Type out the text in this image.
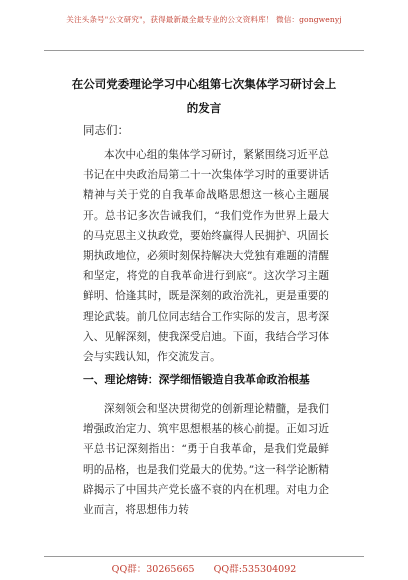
关注头条号"公文研究"，获得最新最全最专业的公文资料库！ 微信：gongwenyj
在公司党委理论学习中心组第七次集体学习研讨会上的发言
同志们：
本次中心组的集体学习研讨，紧紧围绕习近平总书记在中央政治局第二十一次集体学习时的重要讲话精神与关于党的自我革命战略思想这一核心主题展开。总书记多次告诫我们，“我们党作为世界上最大的马克思主义执政党，要始终赢得人民拥护、巩固长期执政地位，必须时刻保持解决大党独有难题的清醒和坚定，将党的自我革命进行到底”。这次学习主题鲜明、恰逢其时，既是深刻的政治洗礼，更是重要的理论武装。前几位同志结合工作实际的发言，思考深入、见解深刻，使我深受启迪。下面，我结合学习体会与实践认知，作交流发言。
一、理论熔铸：深学细悟锻造自我革命政治根基
深刻领会和坚决贯彻党的创新理论精髓，是我们增强政治定力、筑牢思想根基的核心前提。正如习近平总书记深刻指出：“勇于自我革命，是我们党最鲜明的品格，也是我们党最大的优势。”这一科学论断精辟揭示了中国共产党长盛不衰的内在机理。对电力企业而言，将思想伟力转
QQ群：30265665 QQ群:535304092
